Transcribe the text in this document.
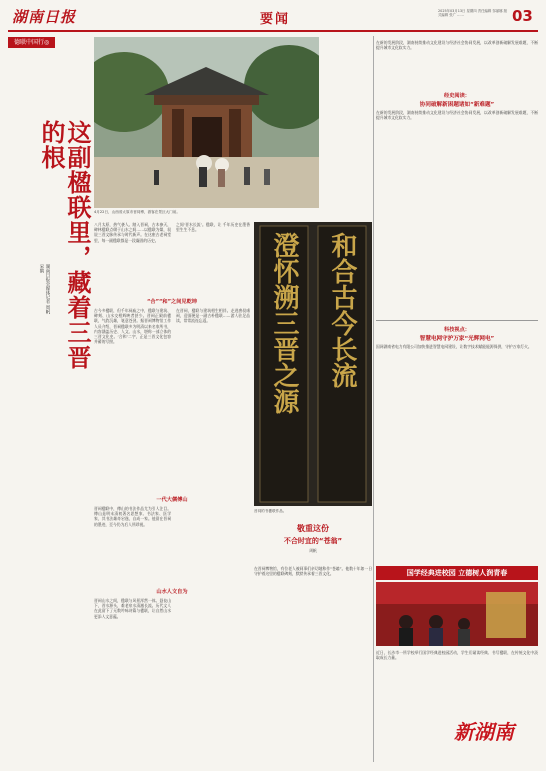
湖南日报	要闻
2025年03月13日 星期四 责任编辑 邹丽娜 版式编辑 张广 ……	03
德联中国行◎
这副楹联里，藏着三晋的根
湖南日报全媒体记者 周帆 宋鹤
4月22日，山西省太原市晋祠博，游客在景区大门前。
八月太原，热气袭人。踏入晋祠，古木参天，碑林楹联点缀于山水之间……以楹联为媒，叙说三晋文脉传承与时代新声。在这座古老祠堂里，每一副楹联都是一段凝固的历史。
之间‘晋水长流’。楹联，让 千年历史在墨香里生生不息。
“合”“和”之间见乾坤
古今多楹联，但千年祠庙之中，楹联与建筑、碑刻、山水交相辉映者甚少。晋祠正殿前楹联，气韵沉雄，笔意苍劲。据晋祠博物馆工作人员介绍，晋祠楹联多为明清以来名家所书，内容涵盖历史、人文、山水，堪称一部立体的三晋文化史。‘合和’二字，正是三晋文化包容并蓄的写照。
在晋祠，楹联与建筑相生相伴。走进唐叔虞祠，迎面便是一副古朴楹联……游人驻足品读，常常流连忘返。
一代大儒傅山
晋祠楹联中，傅山的书法作品尤为引人注目。傅山是明末清初著名思想家、书法家、医学家，其书法雄奇宕逸，自成一家。他留在晋祠的墨迹，至今仍为后人所珍视。
山水人文自为
晋祠山水之间，楹联与风景浑然一体。悬瓮山下，晋水源头，难老泉水清澈长流。历代文人在此留下了无数吟咏诗篇与楹联，让自然山水更添人文意蕴。
澄怀溯三晋之源 和合古今长流
晋祠的书楹联作品。
敬重这份
不合时宜的“苍翁”
周帆
在晋祠博物馆，有位老人被同事们亲切地称作“苍翁”。他数十年如一日守护着这里的楹联碑刻，默默传承着三晋文化。
在新的发展阶段，湖南持续推动文化建设与经济社会协同发展，以改革创新破解发展难题，不断提升城市文化软实力。
经史阅读：
协同破解新困题诸如“新难题”
在新的发展阶段，湖南持续推动文化建设与经济社会协同发展，以改革创新破解发展难题，不断提升城市文化软实力。
科技视点：
智慧电网守护万家“光辉网电”
国网湖南省电力有限公司加快推进智慧电网建设，让数字技术赋能能源保供，守护万家灯火。
国学经典进校园 立德树人润青春
近日，长沙市一所学校举行国学经典进校园活动，学生们诵读经典、书写楹联，在传统文化中汲取成长力量。
新湖南
